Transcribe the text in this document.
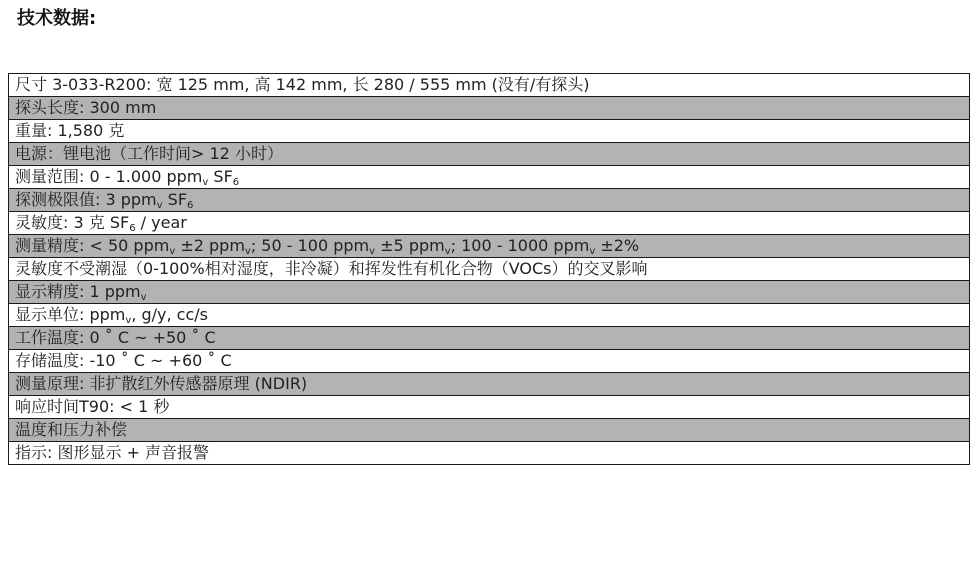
技术数据:
尺寸 3-033-R200: 宽 125 mm, 高 142 mm, 长 280 / 555 mm (没有/有探头)
探头长度: 300 mm
重量: 1,580 克
电源：锂电池（工作时间> 12 小时）
测量范围: 0 - 1.000 ppm$_v$ $SF_6$
探测极限值: 3 ppm$_v$ $SF_6$
灵敏度: 3 克 $SF_6$ / year
测量精度: < 50 ppm$_v$ ±2 ppm$_v$; 50 - 100 ppm$_v$ ±5 ppm$_v$; 100 - 1000 ppm$_v$ ±2%
灵敏度不受潮湿（0-100%相对湿度，非冷凝）和挥发性有机化合物（VOCs）的交叉影响
显示精度: 1 ppm$_v$
显示单位: ppm$_v$, g/y, cc/s
工作温度: 0 ˚ C ~ +50 ˚ C
存储温度: -10 ˚ C ~ +60 ˚ C
测量原理: 非扩散红外传感器原理 (NDIR)
响应时间T90: < 1 秒
温度和压力补偿
指示: 图形显示 + 声音报警
